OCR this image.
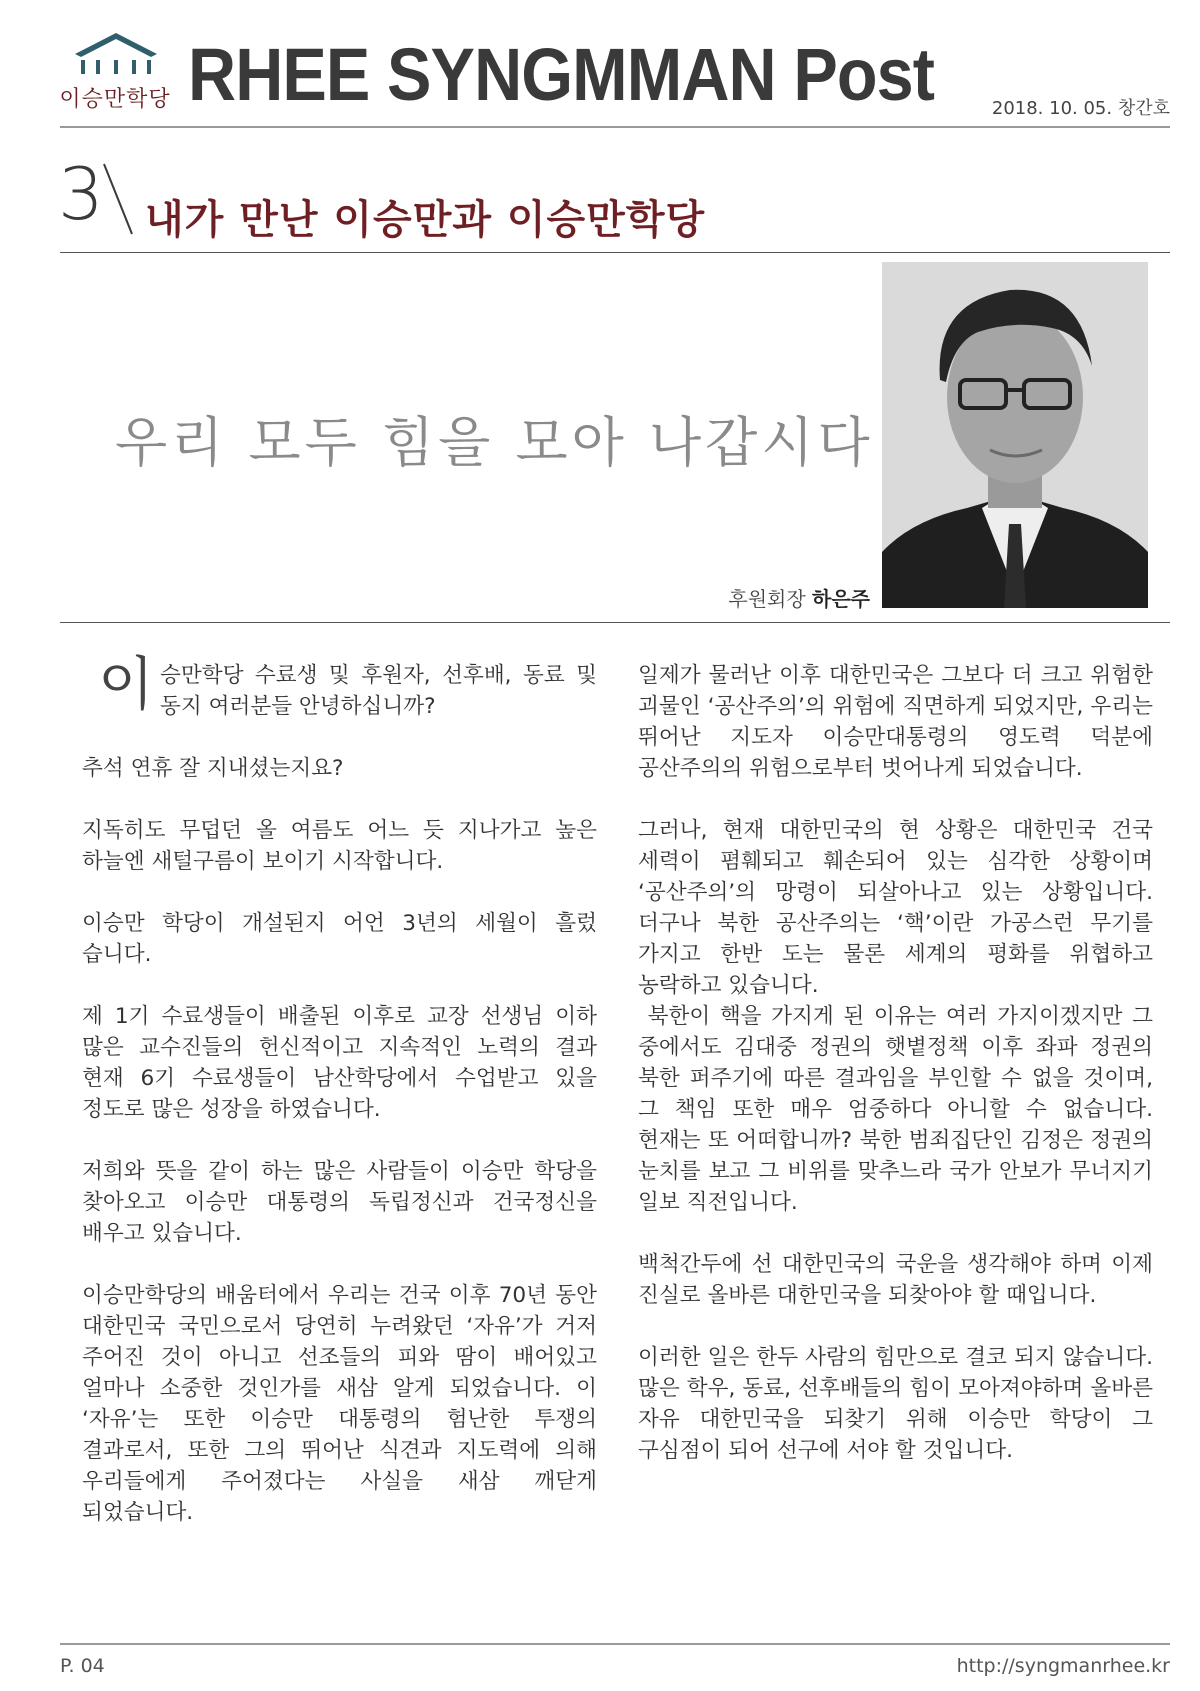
이승만학당 RHEE SYNGMMAN Post	2018. 10. 05. 창간호
3 내가 만난 이승만과 이승만학당
우리 모두 힘을 모아 나갑시다
후원회장 하은주

이승만학당 수료생 및 후원자, 선후배, 동료 및 동지 여러분들 안녕하십니까?

추석 연휴 잘 지내셨는지요?

지독히도 무덥던 올 여름도 어느 듯 지나가고 높은 하늘엔 새털구름이 보이기 시작합니다.

이승만 학당이 개설된지 어언 3년의 세월이 흘렀 습니다.

제 1기 수료생들이 배출된 이후로 교장 선생님 이하 많은 교수진들의 헌신적이고 지속적인 노력의 결과 현재 6기 수료생들이 남산학당에서 수업받고 있을 정도로 많은 성장을 하였습니다.

저희와 뜻을 같이 하는 많은 사람들이 이승만 학당을 찾아오고 이승만 대통령의 독립정신과 건국정신을 배우고 있습니다.

이승만학당의 배움터에서 우리는 건국 이후 70년 동안 대한민국 국민으로서 당연히 누려왔던 ‘자유’가 거저 주어진 것이 아니고 선조들의 피와 땀이 배어있고 얼마나 소중한 것인가를 새삼 알게 되었습니다. 이 ‘자유’는 또한 이승만 대통령의 험난한 투쟁의 결과로서, 또한 그의 뛰어난 식견과 지도력에 의해 우리들에게 주어졌다는 사실을 새삼 깨닫게 되었습니다.

일제가 물러난 이후 대한민국은 그보다 더 크고 위험한 괴물인 ‘공산주의’의 위험에 직면하게 되었지만, 우리는 뛰어난 지도자 이승만대통령의 영도력 덕분에 공산주의의 위험으로부터 벗어나게 되었습니다.

그러나, 현재 대한민국의 현 상황은 대한민국 건국 세력이 폄훼되고 훼손되어 있는 심각한 상황이며 ‘공산주의’의 망령이 되살아나고 있는 상황입니다. 더구나 북한 공산주의는 ‘핵’이란 가공스런 무기를 가지고 한반 도는 물론 세계의 평화를 위협하고 농락하고 있습니다.

북한이 핵을 가지게 된 이유는 여러 가지이겠지만 그 중에서도 김대중 정권의 햇볕정책 이후 좌파 정권의 북한 퍼주기에 따른 결과임을 부인할 수 없을 것이며, 그 책임 또한 매우 엄중하다 아니할 수 없습니다. 현재는 또 어떠합니까? 북한 범죄집단인 김정은 정권의 눈치를 보고 그 비위를 맞추느라 국가 안보가 무너지기 일보 직전입니다.

백척간두에 선 대한민국의 국운을 생각해야 하며 이제 진실로 올바른 대한민국을 되찾아야 할 때입니다.

이러한 일은 한두 사람의 힘만으로 결코 되지 않습니다. 많은 학우, 동료, 선후배들의 힘이 모아져야하며 올바른 자유 대한민국을 되찾기 위해 이승만 학당이 그 구심점이 되어 선구에 서야 할 것입니다.

P. 04	http://syngmanrhee.kr
